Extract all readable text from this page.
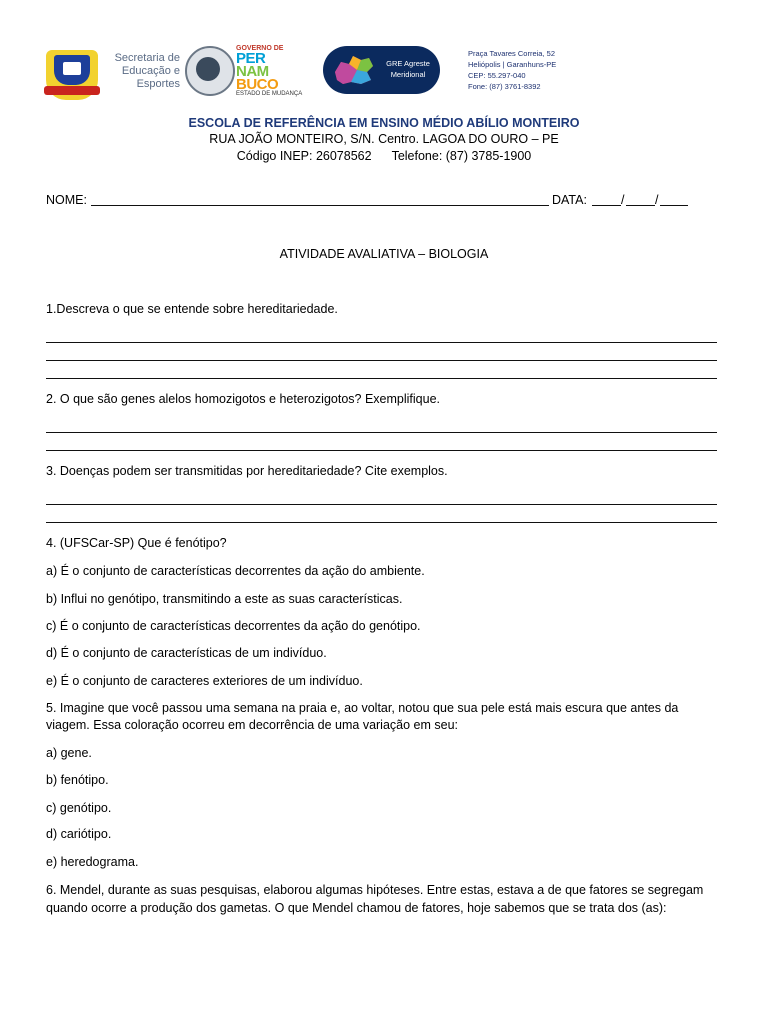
Secretaria de Educação e Esportes
GOVERNO DE
PER
NAM
BUCO
ESTADO DE MUDANÇA
GRE Agreste Meridional
Praça Tavares Correia, 52
Heliópolis | Garanhuns-PE
CEP: 55.297-040
Fone: (87) 3761-8392
ESCOLA DE REFERÊNCIA EM ENSINO MÉDIO ABÍLIO MONTEIRO
RUA JOÃO MONTEIRO, S/N. Centro. LAGOA DO OURO – PE
Código INEP: 26078562 Telefone: (87) 3785-1900
NOME:	DATA:	/ /
ATIVIDADE AVALIATIVA – BIOLOGIA
1.Descreva o que se entende sobre hereditariedade.
2. O que são genes alelos homozigotos e heterozigotos? Exemplifique.
3. Doenças podem ser transmitidas por hereditariedade? Cite exemplos.
4. (UFSCar-SP) Que é fenótipo?
a) É o conjunto de características decorrentes da ação do ambiente.
b) Influi no genótipo, transmitindo a este as suas características.
c) É o conjunto de características decorrentes da ação do genótipo.
d) É o conjunto de características de um indivíduo.
e) É o conjunto de caracteres exteriores de um indivíduo.
5. Imagine que você passou uma semana na praia e, ao voltar, notou que sua pele está mais escura que antes da
viagem. Essa coloração ocorreu em decorrência de uma variação em seu:
a) gene.
b) fenótipo.
c) genótipo.
d) cariótipo.
e) heredograma.
6. Mendel, durante as suas pesquisas, elaborou algumas hipóteses. Entre estas, estava a de que fatores se segregam
quando ocorre a produção dos gametas. O que Mendel chamou de fatores, hoje sabemos que se trata dos (as):
